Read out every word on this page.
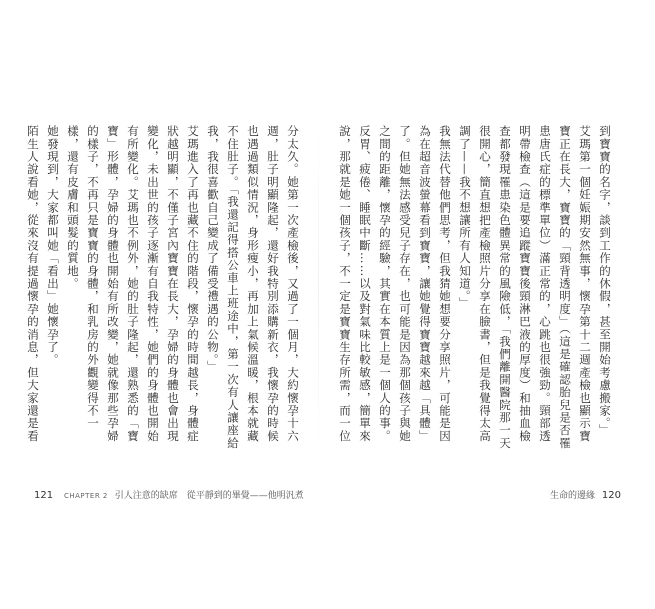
到寶寶的名字，談到工作的休假，甚至開始考慮搬家。」

艾瑪第一個妊娠期安然無事，懷孕第十二週產檢也顯示寶寶正在長大，寶寶的「頸背透明度」（這是確認胎兒是否罹患唐氏症的標準單位）滿正常的，心跳也很強勁。頸部透明帶檢查（這是要追蹤寶寶後頸淋巴液的厚度）和抽血檢查都發現罹患染色體異常的風險低，「我們離開醫院那一天很開心，簡直想把產檢照片分享在臉書，但是我覺得太高調了——我不想讓所有人知道。」

我無法代替他們思考，但我猜她想要分享照片，可能是因為在超音波螢幕看到寶寶，讓她覺得寶寶越來越「具體」了。但她無法感受兒子存在，也可能是因為那個孩子與她之間的距離，懷孕的經驗，其實在本質上是一個人的事。反胃、疲倦、睡眠中斷……以及對氣味比較敏感，簡單來說，那就是她一個孩子，不一定是寶寶生存所需，而一位

分太久。她第一次產檢後，又過了一個月，大約懷孕十六週，肚子明顯隆起，還好我特別添購新衣，我懷孕的時候也遇過類似情況，身形瘦小，再加上氣候溫暖，根本就藏不住肚子。「我還記得搭公車上班途中，第一次有人讓座給我，我很喜歡自己變成了備受禮遇的公物。」

艾瑪進入了再也藏不住的階段，懷孕的時間越長，身體症狀越明顯，不僅子宮內寶寶在長大，孕婦的身體也會出現變化，未出世的孩子逐漸有自我特性，她們的身體也開始有所變化。艾瑪也不例外，她的肚子隆起，還熟悉的「寶寶」形體，孕婦的身體也開始有所改變，她就像那些孕婦的樣子，不再只是寶寶的身體，和乳房的外觀變得不一樣，還有皮膚和頭髮的質地。

她發現到，大家都叫她「看出」她懷孕了。

陌生人說看她，從來沒有提過懷孕的消息，但大家還是看

121 CHAPTER 2 引人注意的缺席　從平靜到的畢覺——他明汎煮	生命的邊緣 120
